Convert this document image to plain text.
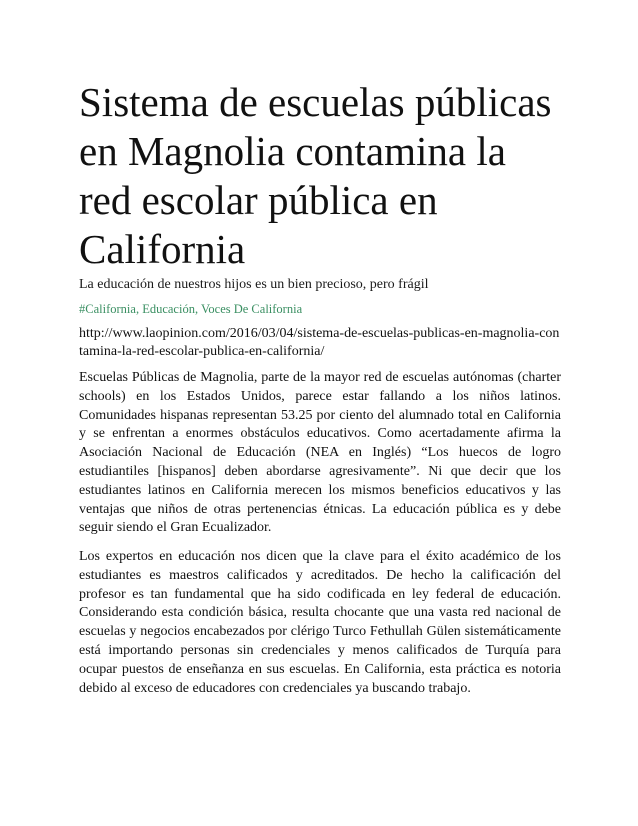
Sistema de escuelas públicas en Magnolia contamina la red escolar pública en California

La educación de nuestros hijos es un bien precioso, pero frágil

#California, Educación, Voces De California

http://www.laopinion.com/2016/03/04/sistema-de-escuelas-publicas-en-magnolia-contamina-la-red-escolar-publica-en-california/

Escuelas Públicas de Magnolia, parte de la mayor red de escuelas autónomas (charter schools) en los Estados Unidos, parece estar fallando a los niños latinos. Comunidades hispanas representan 53.25 por ciento del alumnado total en California y se enfrentan a enormes obstáculos educativos. Como acertadamente afirma la Asociación Nacional de Educación (NEA en Inglés) “Los huecos de logro estudiantiles [hispanos] deben abordarse agresivamente”. Ni que decir que los estudiantes latinos en California merecen los mismos beneficios educativos y las ventajas que niños de otras pertenencias étnicas. La educación pública es y debe seguir siendo el Gran Ecualizador.

Los expertos en educación nos dicen que la clave para el éxito académico de los estudiantes es maestros calificados y acreditados. De hecho la calificación del profesor es tan fundamental que ha sido codificada en ley federal de educación. Considerando esta condición básica, resulta chocante que una vasta red nacional de escuelas y negocios encabezados por clérigo Turco Fethullah Gülen sistemáticamente está importando personas sin credenciales y menos calificados de Turquía para ocupar puestos de enseñanza en sus escuelas. En California, esta práctica es notoria debido al exceso de educadores con credenciales ya buscando trabajo.
